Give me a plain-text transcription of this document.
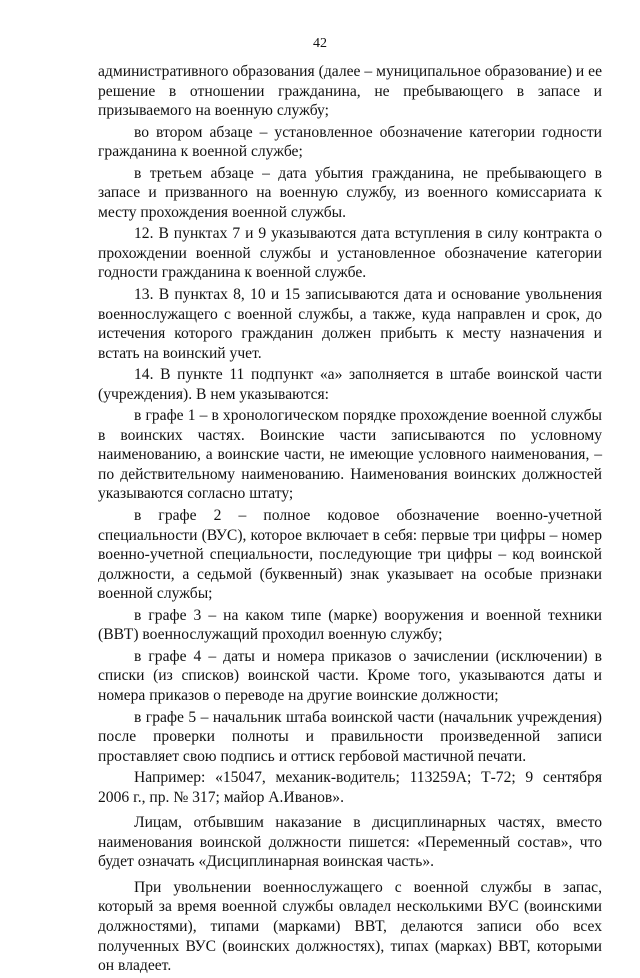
42

административного образования (далее – муниципальное образование) и ее решение в отношении гражданина, не пребывающего в запасе и призываемого на военную службу;

во втором абзаце – установленное обозначение категории годности гражданина к военной службе;

в третьем абзаце – дата убытия гражданина, не пребывающего в запасе и призванного на военную службу, из военного комиссариата к месту прохождения военной службы.

12. В пунктах 7 и 9 указываются дата вступления в силу контракта о прохождении военной службы и установленное обозначение категории годности гражданина к военной службе.

13. В пунктах 8, 10 и 15 записываются дата и основание увольнения военнослужащего с военной службы, а также, куда направлен и срок, до истечения которого гражданин должен прибыть к месту назначения и встать на воинский учет.

14. В пункте 11 подпункт «а» заполняется в штабе воинской части (учреждения). В нем указываются:

в графе 1 – в хронологическом порядке прохождение военной службы в воинских частях. Воинские части записываются по условному наименованию, а воинские части, не имеющие условного наименования, – по действительному наименованию. Наименования воинских должностей указываются согласно штату;

в графе 2 – полное кодовое обозначение военно-учетной специальности (ВУС), которое включает в себя: первые три цифры – номер военно-учетной специальности, последующие три цифры – код воинской должности, а седьмой (буквенный) знак указывает на особые признаки военной службы;

в графе 3 – на каком типе (марке) вооружения и военной техники (ВВТ) военнослужащий проходил военную службу;

в графе 4 – даты и номера приказов о зачислении (исключении) в списки (из списков) воинской части. Кроме того, указываются даты и номера приказов о переводе на другие воинские должности;

в графе 5 – начальник штаба воинской части (начальник учреждения) после проверки полноты и правильности произведенной записи проставляет свою подпись и оттиск гербовой мастичной печати.

Например: «15047, механик-водитель; 113259А; Т-72; 9 сентября 2006 г., пр. № 317; майор А.Иванов».

Лицам, отбывшим наказание в дисциплинарных частях, вместо наименования воинской должности пишется: «Переменный состав», что будет означать «Дисциплинарная воинская часть».

При увольнении военнослужащего с военной службы в запас, который за время военной службы овладел несколькими ВУС (воинскими должностями), типами (марками) ВВТ, делаются записи обо всех полученных ВУС (воинских должностях), типах (марках) ВВТ, которыми он владеет.
